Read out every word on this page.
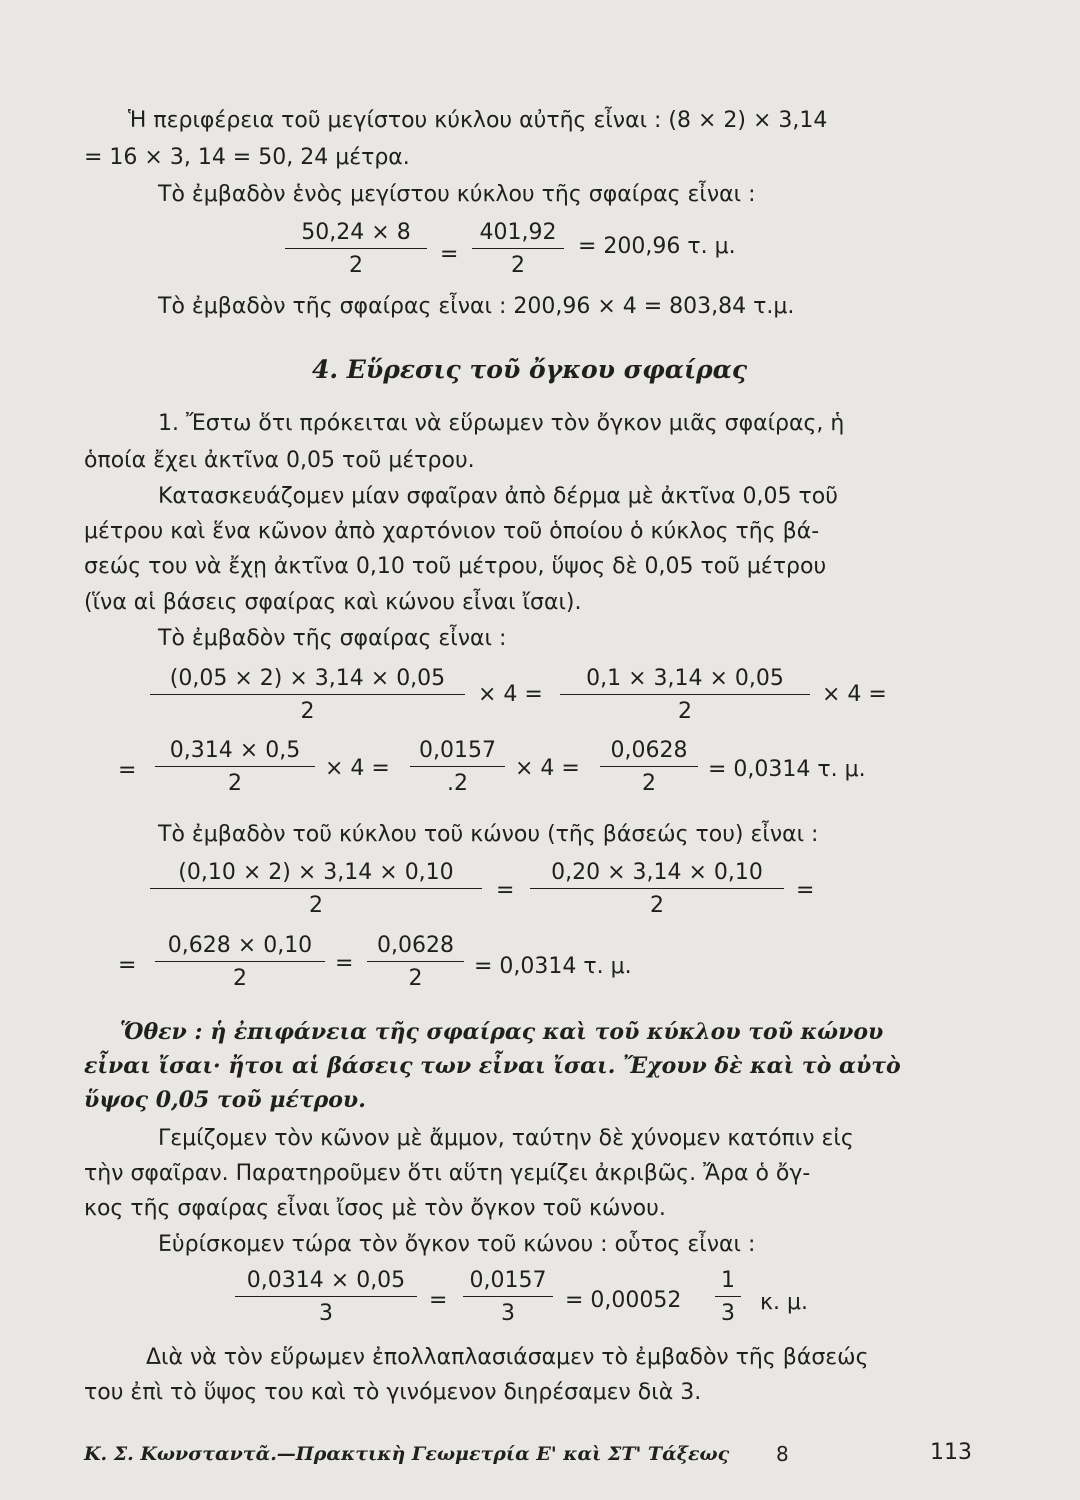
Ἡ περιφέρεια τοῦ μεγίστου κύκλου αὐτῆς εἶναι : (8 × 2) × 3,14
= 16 × 3, 14 = 50, 24 μέτρα.
Τὸ ἐμβαδὸν ἑνὸς μεγίστου κύκλου τῆς σφαίρας εἶναι :
$\frac{50,24 \times 8}{2} = \frac{401,92}{2} = 200,96$ τ. μ.
Τὸ ἐμβαδὸν τῆς σφαίρας εἶναι : 200,96 × 4 = 803,84 τ.μ.
4. Εὕρεσις τοῦ ὄγκου σφαίρας
1. Ἔστω ὅτι πρόκειται νὰ εὕρωμεν τὸν ὄγκον μιᾶς σφαίρας, ἡ
ὁποία ἔχει ἀκτῖνα 0,05 τοῦ μέτρου.
Κατασκευάζομεν μίαν σφαῖραν ἀπὸ δέρμα μὲ ἀκτῖνα 0,05 τοῦ
μέτρου καὶ ἕνα κῶνον ἀπὸ χαρτόνιον τοῦ ὁποίου ὁ κύκλος τῆς βά-
σεώς του νὰ ἔχῃ ἀκτῖνα 0,10 τοῦ μέτρου, ὕψος δὲ 0,05 τοῦ μέτρου
(ἵνα αἱ βάσεις σφαίρας καὶ κώνου εἶναι ἴσαι).
Τὸ ἐμβαδὸν τῆς σφαίρας εἶναι :
$\frac{(0,05 \times 2) \times 3,14 \times 0,05}{2} \times 4 = \frac{0,1 \times 3,14 \times 0,05}{2} \times 4$ =
= $\frac{0,314 \times 0,5}{2} \times 4 = \frac{0,0157}{.2} \times 4 = \frac{0,0628}{2} = 0,0314$ τ. μ.
Τὸ ἐμβαδὸν τοῦ κύκλου τοῦ κώνου (τῆς βάσεώς του) εἶναι :
$\frac{(0,10 \times 2) \times 3,14 \times 0,10}{2} = \frac{0,20 \times 3,14 \times 0,10}{2}$ =
= $\frac{0,628 \times 0,10}{2} = \frac{0,0628}{2} = 0,0314$ τ. μ.
Ὅθεν : ἡ ἐπιφάνεια τῆς σφαίρας καὶ τοῦ κύκλου τοῦ κώνου
εἶναι ἴσαι· ἤτοι αἱ βάσεις των εἶναι ἴσαι. Ἔχουν δὲ καὶ τὸ αὐτὸ
ὕψος 0,05 τοῦ μέτρου.
Γεμίζομεν τὸν κῶνον μὲ ἄμμον, ταύτην δὲ χύνομεν κατόπιν εἰς
τὴν σφαῖραν. Παρατηροῦμεν ὅτι αὕτη γεμίζει ἀκριβῶς. Ἄρα ὁ ὄγ-
κος τῆς σφαίρας εἶναι ἴσος μὲ τὸν ὄγκον τοῦ κώνου.
Εὑρίσκομεν τώρα τὸν ὄγκον τοῦ κώνου : οὗτος εἶναι :
$\frac{0,0314 \times 0,05}{3} = \frac{0,0157}{3} = 0,00052 \frac{1}{3} \kappa$. μ.
Διὰ νὰ τὸν εὕρωμεν ἐπολλαπλασιάσαμεν τὸ ἐμβαδὸν τῆς βάσεώς
του ἐπὶ τὸ ὕψος του καὶ τὸ γινόμενον διηρέσαμεν διὰ 3.
Κ. Σ. Κωνσταντᾶ.—Πρακτικὴ Γεωμετρία Ε' καὶ ΣΤ' Τάξεως 8	113
